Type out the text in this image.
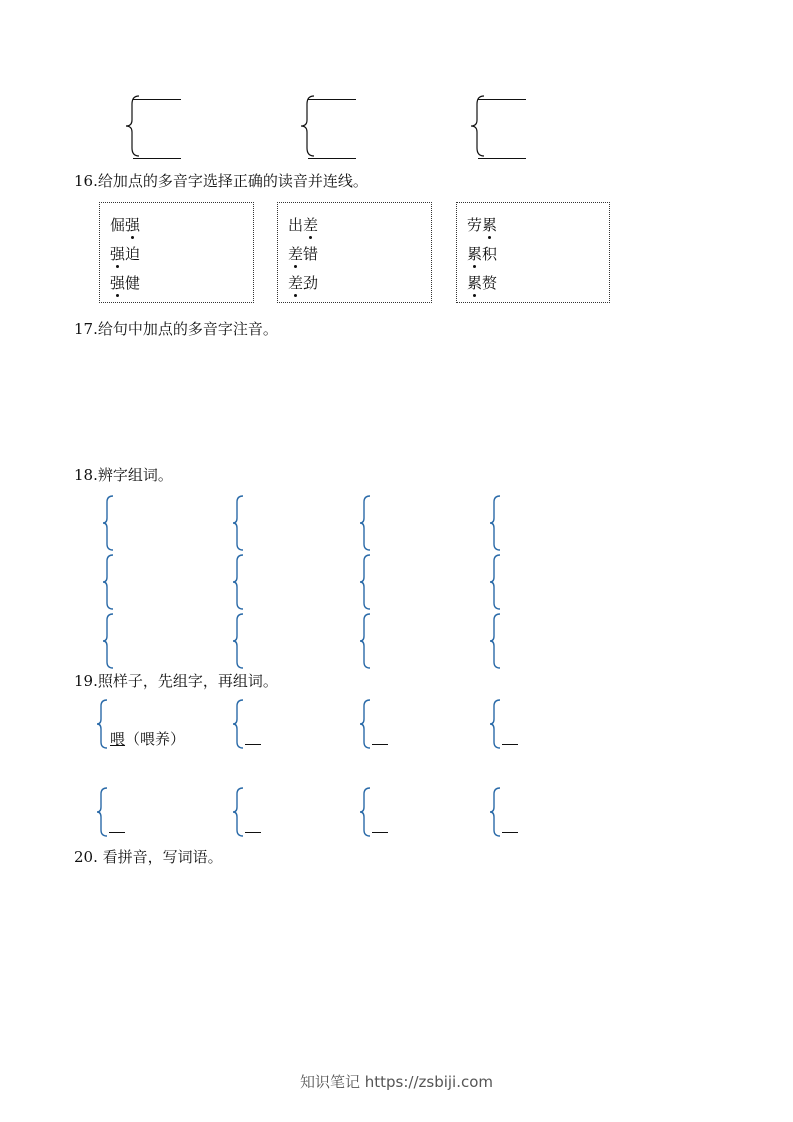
16.给加点的多音字选择正确的读音并连线。
倔强
强迫
强健
出差
差错
差劲
劳累
累积
累赘
17.给句中加点的多音字注音。
18.辨字组词。
19.照样子，先组字，再组词。
喂（喂养）
20. 看拼音，写词语。
知识笔记 https://zsbiji.com
